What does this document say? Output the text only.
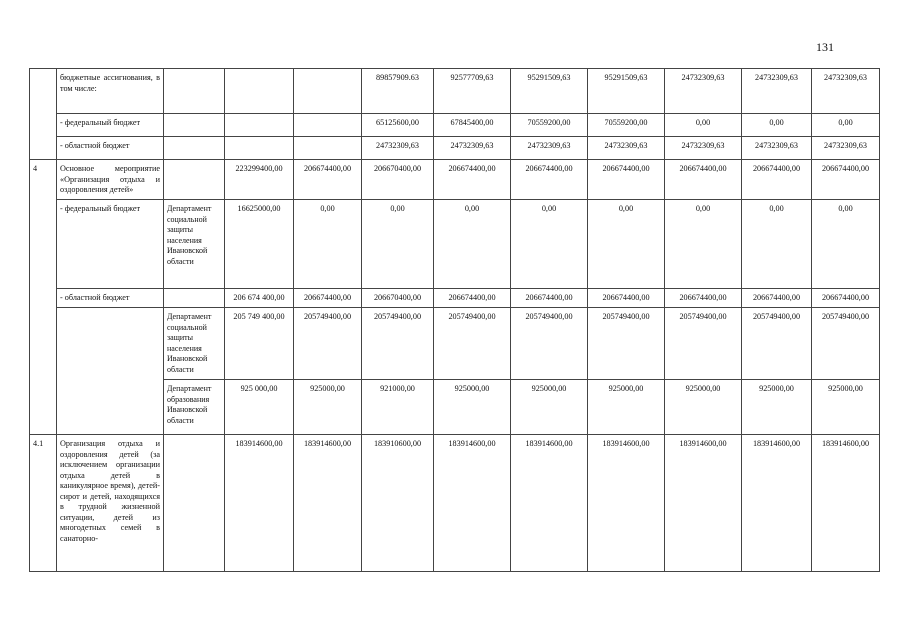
131
	бюджетные ассигнования, в том числе:				89857909.63	92577709,63	95291509,63	95291509,63	24732309,63	24732309,63	24732309,63
	- федеральный бюджет				65125600,00	67845400,00	70559200,00	70559200,00	0,00	0,00	0,00
	- областной бюджет				24732309,63	24732309,63	24732309,63	24732309,63	24732309,63	24732309,63	24732309,63
4	Основное мероприятие «Организация отдыха и оздоровления детей»		223299400,00	206674400,00	206670400,00	206674400,00	206674400,00	206674400,00	206674400,00	206674400,00	206674400,00
	- федеральный бюджет	Департамент социальной защиты населения Ивановской области	16625000,00	0,00	0,00	0,00	0,00	0,00	0,00	0,00	0,00
	- областной бюджет		206 674 400,00	206674400,00	206670400,00	206674400,00	206674400,00	206674400,00	206674400,00	206674400,00	206674400,00
		Департамент социальной защиты населения Ивановской области	205 749 400,00	205749400,00	205749400,00	205749400,00	205749400,00	205749400,00	205749400,00	205749400,00	205749400,00
		Департамент образования Ивановской области	925 000,00	925000,00	921000,00	925000,00	925000,00	925000,00	925000,00	925000,00	925000,00
4.1	Организация отдыха и оздоровления детей (за исключением организации отдыха детей в каникулярное время), детей-сирот и детей, находящихся в трудной жизненной ситуации, детей из многодетных семей в санаторно-		183914600,00	183914600,00	183910600,00	183914600,00	183914600,00	183914600,00	183914600,00	183914600,00	183914600,00
